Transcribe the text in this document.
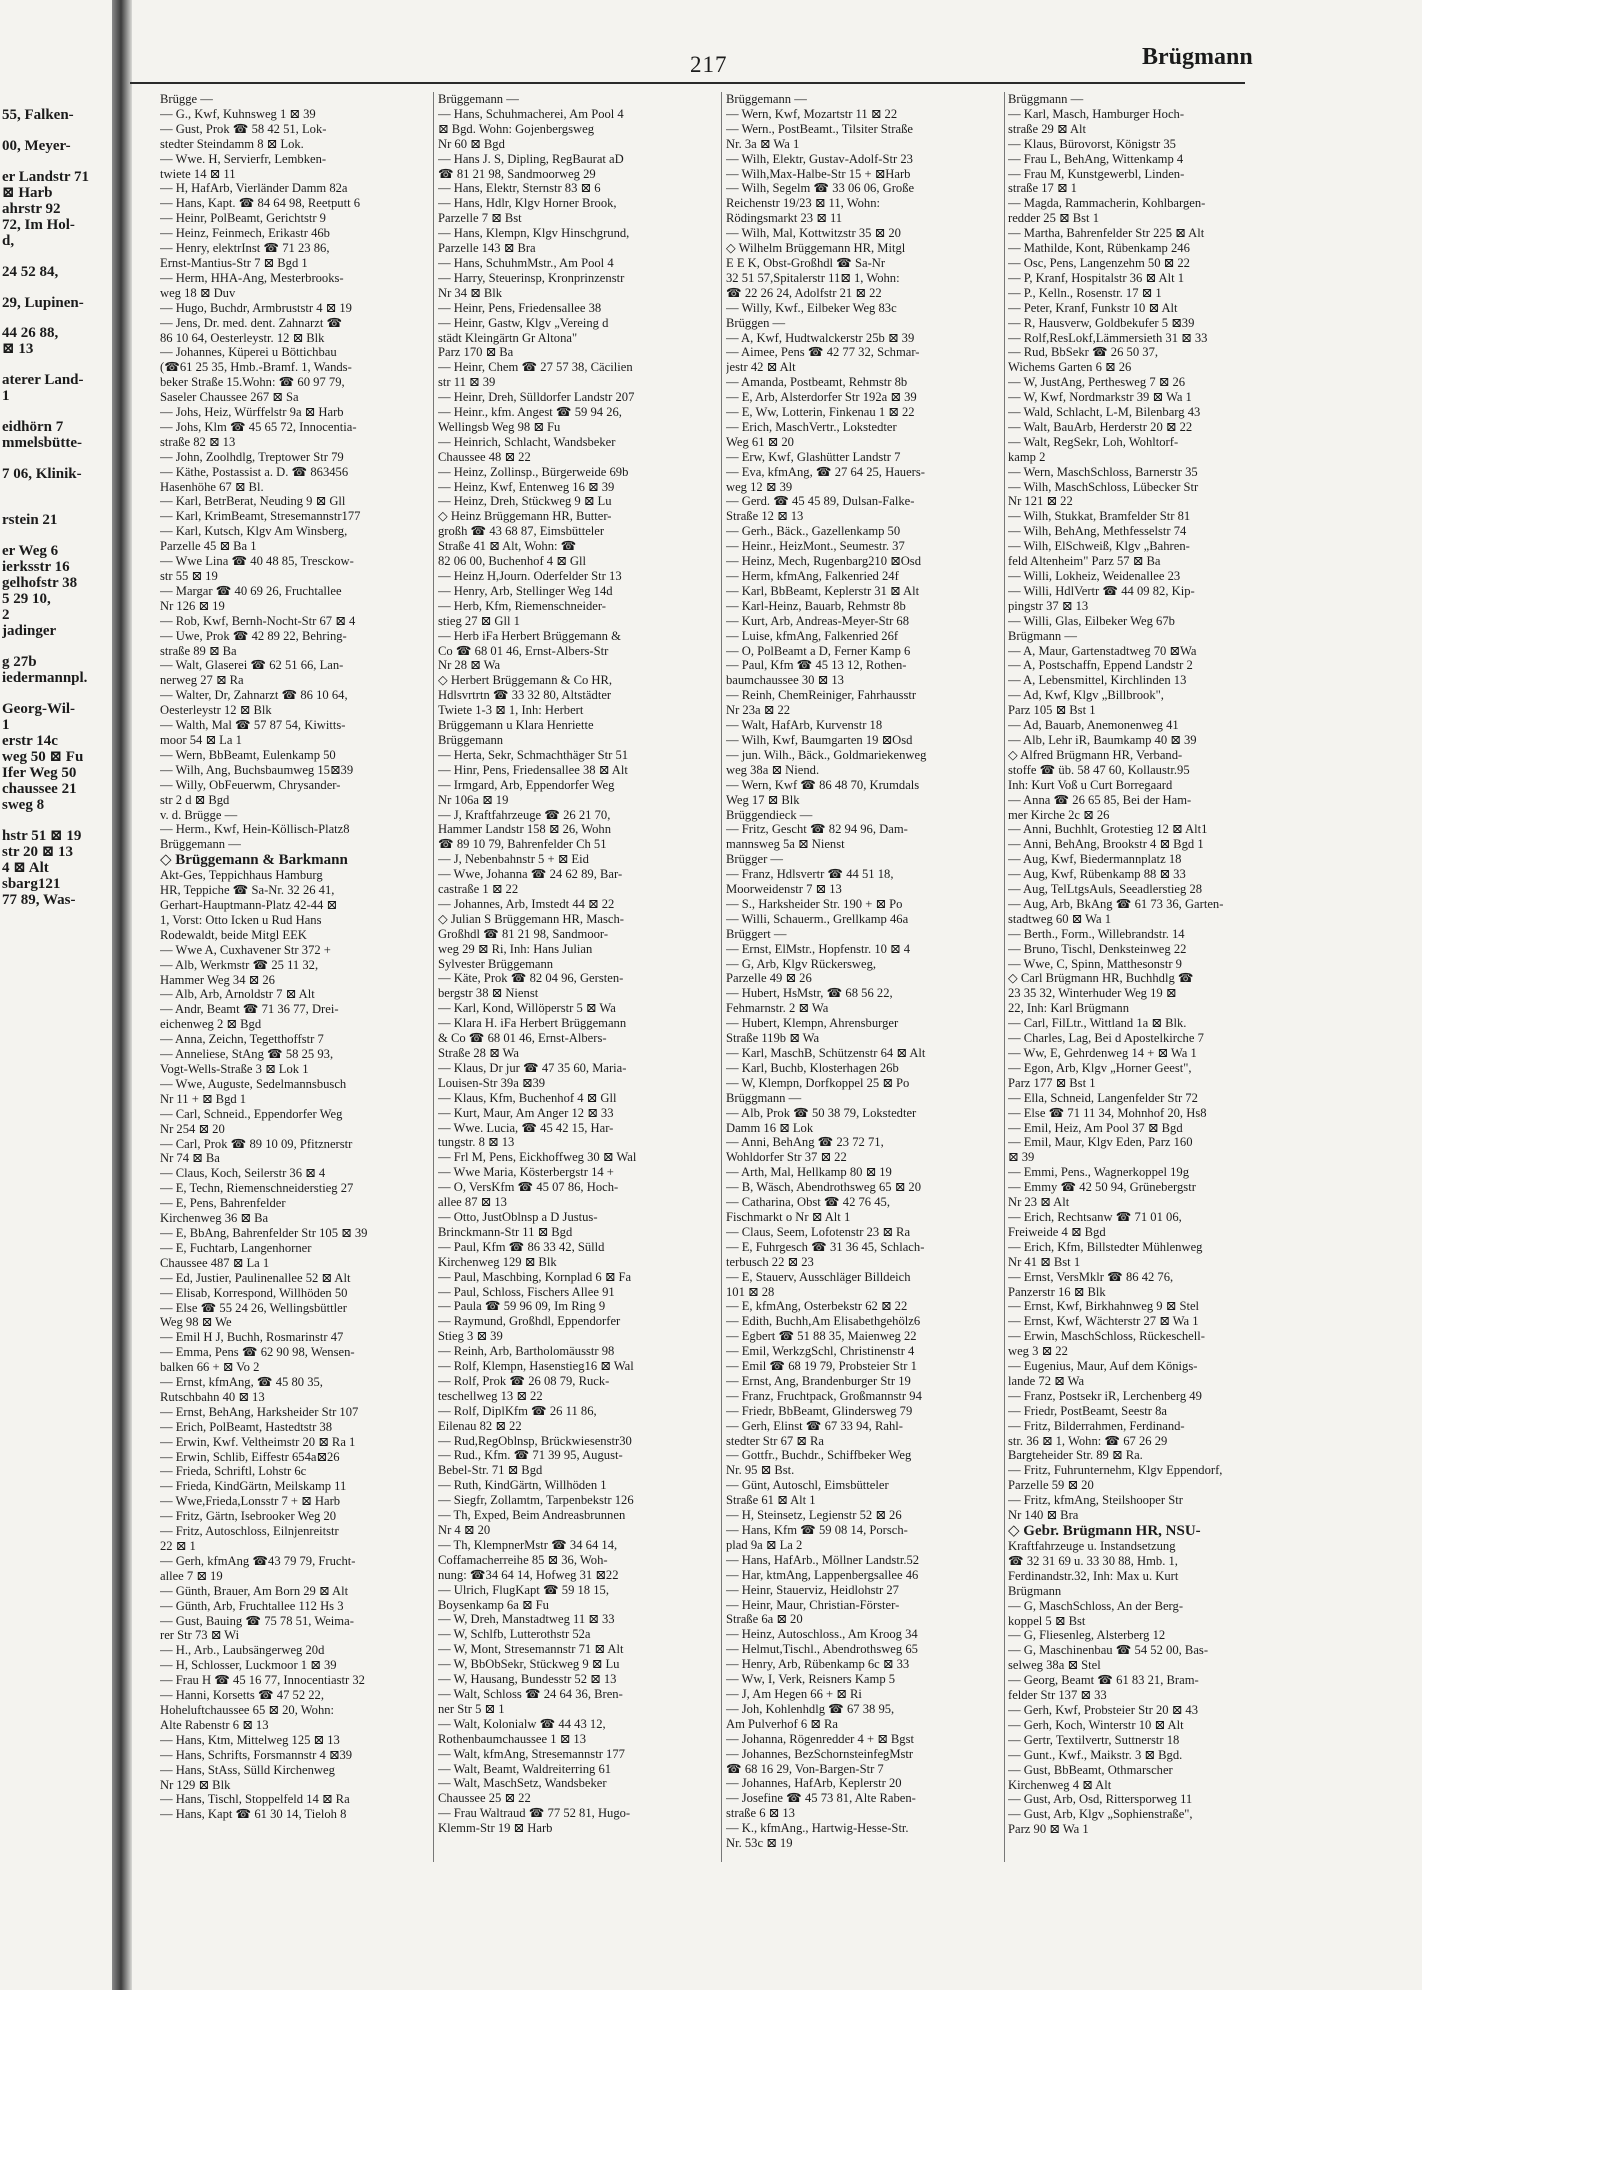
55, Falken-

00, Meyer-

er Landstr 71
⊠ Harb
ahrstr 92
72, Im Hol-
d,

24 52 84,

29, Lupinen-

44 26 88,
⊠ 13

aterer Land-
1

eidhörn 7
mmelsbütte-

7 06, Klinik-

rstein 21

er Weg 6
ierksstr 16
gelhofstr 38
5 29 10,
2
jadinger

g 27b
iedermannpl.

Georg-Wil-
1
erstr 14c
weg 50 ⊠ Fu
Ifer Weg 50
chaussee 21
sweg 8

hstr 51 ⊠ 19
str 20 ⊠ 13
4 ⊠ Alt
sbarg121
77 89, Was-
217	Brügmann
Brügge —
— G., Kwf, Kuhnsweg 1 ⊠ 39
— Gust, Prok ☎ 58 42 51, Lok-
stedter Steindamm 8 ⊠ Lok.
— Wwe. H, Servierfr, Lembken-
twiete 14 ⊠ 11
— H, HafArb, Vierländer Damm 82a
— Hans, Kapt. ☎ 84 64 98, Reetputt 6
— Heinr, PolBeamt, Gerichtstr 9
— Heinz, Feinmech, Erikastr 46b
— Henry, elektrInst ☎ 71 23 86,
Ernst-Mantius-Str 7 ⊠ Bgd 1
— Herm, HHA-Ang, Mesterbrooks-
weg 18 ⊠ Duv
— Hugo, Buchdr, Armbruststr 4 ⊠ 19
— Jens, Dr. med. dent. Zahnarzt ☎
86 10 64, Oesterleystr. 12 ⊠ Blk
— Johannes, Küperei u Böttichbau
(☎61 25 35, Hmb.-Bramf. 1, Wands-
beker Straße 15.Wohn: ☎ 60 97 79,
Saseler Chaussee 267 ⊠ Sa
— Johs, Heiz, Würffelstr 9a ⊠ Harb
— Johs, Klm ☎ 45 65 72, Innocentia-
straße 82 ⊠ 13
— John, Zoolhdlg, Treptower Str 79
— Käthe, Postassist a. D. ☎ 863456
Hasenhöhe 67 ⊠ Bl.
— Karl, BetrBerat, Neuding 9 ⊠ Gll
— Karl, KrimBeamt, Stresemannstr177
— Karl, Kutsch, Klgv Am Winsberg,
Parzelle 45 ⊠ Ba 1
— Wwe Lina ☎ 40 48 85, Tresckow-
str 55 ⊠ 19
— Margar ☎ 40 69 26, Fruchtallee
Nr 126 ⊠ 19
— Rob, Kwf, Bernh-Nocht-Str 67 ⊠ 4
— Uwe, Prok ☎ 42 89 22, Behring-
straße 89 ⊠ Ba
— Walt, Glaserei ☎ 62 51 66, Lan-
nerweg 27 ⊠ Ra
— Walter, Dr, Zahnarzt ☎ 86 10 64,
Oesterleystr 12 ⊠ Blk
— Walth, Mal ☎ 57 87 54, Kiwitts-
moor 54 ⊠ La 1
— Wern, BbBeamt, Eulenkamp 50
— Wilh, Ang, Buchsbaumweg 15⊠39
— Willy, ObFeuerwm, Chrysander-
str 2 d ⊠ Bgd
v. d. Brügge —
— Herm., Kwf, Hein-Köllisch-Platz8
Brüggemann —
◇ Brüggemann & Barkmann
Akt-Ges, Teppichhaus Hamburg
HR, Teppiche ☎ Sa-Nr. 32 26 41,
Gerhart-Hauptmann-Platz 42-44 ⊠
1, Vorst: Otto Icken u Rud Hans
Rodewaldt, beide Mitgl EEK
— Wwe A, Cuxhavener Str 372 +
— Alb, Werkmstr ☎ 25 11 32,
Hammer Weg 34 ⊠ 26
— Alb, Arb, Arnoldstr 7 ⊠ Alt
— Andr, Beamt ☎ 71 36 77, Drei-
eichenweg 2 ⊠ Bgd
— Anna, Zeichn, Tegetthoffstr 7
— Anneliese, StAng ☎ 58 25 93,
Vogt-Wells-Straße 3 ⊠ Lok 1
— Wwe, Auguste, Sedelmannsbusch
Nr 11 + ⊠ Bgd 1
— Carl, Schneid., Eppendorfer Weg
Nr 254 ⊠ 20
— Carl, Prok ☎ 89 10 09, Pfitznerstr
Nr 74 ⊠ Ba
— Claus, Koch, Seilerstr 36 ⊠ 4
— E, Techn, Riemenschneiderstieg 27
— E, Pens, Bahrenfelder
Kirchenweg 36 ⊠ Ba
— E, BbAng, Bahrenfelder Str 105 ⊠ 39
— E, Fuchtarb, Langenhorner
Chaussee 487 ⊠ La 1
— Ed, Justier, Paulinenallee 52 ⊠ Alt
— Elisab, Korrespond, Willhöden 50
— Else ☎ 55 24 26, Wellingsbüttler
Weg 98 ⊠ We
— Emil H J, Buchh, Rosmarinstr 47
— Emma, Pens ☎ 62 90 98, Wensen-
balken 66 + ⊠ Vo 2
— Ernst, kfmAng, ☎ 45 80 35,
Rutschbahn 40 ⊠ 13
— Ernst, BehAng, Harksheider Str 107
— Erich, PolBeamt, Hastedtstr 38
— Erwin, Kwf. Veltheimstr 20 ⊠ Ra 1
— Erwin, Schlib, Eiffestr 654a⊠26
— Frieda, Schriftl, Lohstr 6c
— Frieda, KindGärtn, Meilskamp 11
— Wwe,Frieda,Lonsstr 7 + ⊠ Harb
— Fritz, Gärtn, Isebrooker Weg 20
— Fritz, Autoschloss, Eilnjenreitstr
22 ⊠ 1
— Gerh, kfmAng ☎43 79 79, Frucht-
allee 7 ⊠ 19
— Günth, Brauer, Am Born 29 ⊠ Alt
— Günth, Arb, Fruchtallee 112 Hs 3
— Gust, Bauing ☎ 75 78 51, Weima-
rer Str 73 ⊠ Wi
— H., Arb., Laubsängerweg 20d
— H, Schlosser, Luckmoor 1 ⊠ 39
— Frau H ☎ 45 16 77, Innocentiastr 32
— Hanni, Korsetts ☎ 47 52 22,
Hoheluftchaussee 65 ⊠ 20, Wohn:
Alte Rabenstr 6 ⊠ 13
— Hans, Ktm, Mittelweg 125 ⊠ 13
— Hans, Schrifts, Forsmannstr 4 ⊠39
— Hans, StAss, Sülld Kirchenweg
Nr 129 ⊠ Blk
— Hans, Tischl, Stoppelfeld 14 ⊠ Ra
— Hans, Kapt ☎ 61 30 14, Tieloh 8
Brüggemann —
— Hans, Schuhmacherei, Am Pool 4
⊠ Bgd. Wohn: Gojenbergsweg
Nr 60 ⊠ Bgd
— Hans J. S, Dipling, RegBaurat aD
☎ 81 21 98, Sandmoorweg 29
— Hans, Elektr, Sternstr 83 ⊠ 6
— Hans, Hdlr, Klgv Horner Brook,
Parzelle 7 ⊠ Bst
— Hans, Klempn, Klgv Hinschgrund,
Parzelle 143 ⊠ Bra
— Hans, SchuhmMstr., Am Pool 4
— Harry, Steuerinsp, Kronprinzenstr
Nr 34 ⊠ Blk
— Heinr, Pens, Friedensallee 38
— Heinr, Gastw, Klgv „Vereing d
städt Kleingärtn Gr Altona"
Parz 170 ⊠ Ba
— Heinr, Chem ☎ 27 57 38, Cäcilien
str 11 ⊠ 39
— Heinr, Dreh, Sülldorfer Landstr 207
— Heinr., kfm. Angest ☎ 59 94 26,
Wellingsb Weg 98 ⊠ Fu
— Heinrich, Schlacht, Wandsbeker
Chaussee 48 ⊠ 22
— Heinz, Zollinsp., Bürgerweide 69b
— Heinz, Kwf, Entenweg 16 ⊠ 39
— Heinz, Dreh, Stückweg 9 ⊠ Lu
◇ Heinz Brüggemann HR, Butter-
großh ☎ 43 68 87, Eimsbütteler
Straße 41 ⊠ Alt, Wohn: ☎
82 06 00, Buchenhof 4 ⊠ Gll
— Heinz H,Journ. Oderfelder Str 13
— Henry, Arb, Stellinger Weg 14d
— Herb, Kfm, Riemenschneider-
stieg 27 ⊠ Gll 1
— Herb iFa Herbert Brüggemann &
Co ☎ 68 01 46, Ernst-Albers-Str
Nr 28 ⊠ Wa
◇ Herbert Brüggemann & Co HR,
Hdlsvrtrtn ☎ 33 32 80, Altstädter
Twiete 1-3 ⊠ 1, Inh: Herbert
Brüggemann u Klara Henriette
Brüggemann
— Herta, Sekr, Schmachthäger Str 51
— Hinr, Pens, Friedensallee 38 ⊠ Alt
— Irmgard, Arb, Eppendorfer Weg
Nr 106a ⊠ 19
— J, Kraftfahrzeuge ☎ 26 21 70,
Hammer Landstr 158 ⊠ 26, Wohn
☎ 89 10 79, Bahrenfelder Ch 51
— J, Nebenbahnstr 5 + ⊠ Eid
— Wwe, Johanna ☎ 24 62 89, Bar-
castraße 1 ⊠ 22
— Johannes, Arb, Imstedt 44 ⊠ 22
◇ Julian S Brüggemann HR, Masch-
Großhdl ☎ 81 21 98, Sandmoor-
weg 29 ⊠ Ri, Inh: Hans Julian
Sylvester Brüggemann
— Käte, Prok ☎ 82 04 96, Gersten-
bergstr 38 ⊠ Nienst
— Karl, Kond, Willöperstr 5 ⊠ Wa
— Klara H. iFa Herbert Brüggemann
& Co ☎ 68 01 46, Ernst-Albers-
Straße 28 ⊠ Wa
— Klaus, Dr jur ☎ 47 35 60, Maria-
Louisen-Str 39a ⊠39
— Klaus, Kfm, Buchenhof 4 ⊠ Gll
— Kurt, Maur, Am Anger 12 ⊠ 33
— Wwe. Lucia, ☎ 45 42 15, Har-
tungstr. 8 ⊠ 13
— Frl M, Pens, Eickhoffweg 30 ⊠ Wal
— Wwe Maria, Kösterbergstr 14 +
— O, VersKfm ☎ 45 07 86, Hoch-
allee 87 ⊠ 13
— Otto, JustOblnsp a D Justus-
Brinckmann-Str 11 ⊠ Bgd
— Paul, Kfm ☎ 86 33 42, Sülld
Kirchenweg 129 ⊠ Blk
— Paul, Maschbing, Kornplad 6 ⊠ Fa
— Paul, Schloss, Fischers Allee 91
— Paula ☎ 59 96 09, Im Ring 9
— Raymund, Großhdl, Eppendorfer
Stieg 3 ⊠ 39
— Reinh, Arb, Bartholomäusstr 98
— Rolf, Klempn, Hasenstieg16 ⊠ Wal
— Rolf, Prok ☎ 26 08 79, Ruck-
teschellweg 13 ⊠ 22
— Rolf, DiplKfm ☎ 26 11 86,
Eilenau 82 ⊠ 22
— Rud,RegOblnsp, Brückwiesenstr30
— Rud., Kfm. ☎ 71 39 95, August-
Bebel-Str. 71 ⊠ Bgd
— Ruth, KindGärtn, Willhöden 1
— Siegfr, Zollamtm, Tarpenbekstr 126
— Th, Exped, Beim Andreasbrunnen
Nr 4 ⊠ 20
— Th, KlempnerMstr ☎ 34 64 14,
Coffamacherreihe 85 ⊠ 36, Woh-
nung: ☎34 64 14, Hofweg 31 ⊠22
— Ulrich, FlugKapt ☎ 59 18 15,
Boysenkamp 6a ⊠ Fu
— W, Dreh, Manstadtweg 11 ⊠ 33
— W, Schlfb, Lutterothstr 52a
— W, Mont, Stresemannstr 71 ⊠ Alt
— W, BbObSekr, Stückweg 9 ⊠ Lu
— W, Hausang, Bundesstr 52 ⊠ 13
— Walt, Schloss ☎ 24 64 36, Bren-
ner Str 5 ⊠ 1
— Walt, Kolonialw ☎ 44 43 12,
Rothenbaumchaussee 1 ⊠ 13
— Walt, kfmAng, Stresemannstr 177
— Walt, Beamt, Waldreiterring 61
— Walt, MaschSetz, Wandsbeker
Chaussee 25 ⊠ 22
— Frau Waltraud ☎ 77 52 81, Hugo-
Klemm-Str 19 ⊠ Harb
Brüggemann —
— Wern, Kwf, Mozartstr 11 ⊠ 22
— Wern., PostBeamt., Tilsiter Straße
Nr. 3a ⊠ Wa 1
— Wilh, Elektr, Gustav-Adolf-Str 23
— Wilh,Max-Halbe-Str 15 + ⊠Harb
— Wilh, Segelm ☎ 33 06 06, Große
Reichenstr 19/23 ⊠ 11, Wohn:
Rödingsmarkt 23 ⊠ 11
— Wilh, Mal, Kottwitzstr 35 ⊠ 20
◇ Wilhelm Brüggemann HR, Mitgl
E E K, Obst-Großhdl ☎ Sa-Nr
32 51 57,Spitalerstr 11⊠ 1, Wohn:
☎ 22 26 24, Adolfstr 21 ⊠ 22
— Willy, Kwf., Eilbeker Weg 83c
Brüggen —
— A, Kwf, Hudtwalckerstr 25b ⊠ 39
— Aimee, Pens ☎ 42 77 32, Schmar-
jestr 42 ⊠ Alt
— Amanda, Postbeamt, Rehmstr 8b
— E, Arb, Alsterdorfer Str 192a ⊠ 39
— E, Ww, Lotterin, Finkenau 1 ⊠ 22
— Erich, MaschVertr., Lokstedter
Weg 61 ⊠ 20
— Erw, Kwf, Glashütter Landstr 7
— Eva, kfmAng, ☎ 27 64 25, Hauers-
weg 12 ⊠ 39
— Gerd. ☎ 45 45 89, Dulsan-Falke-
Straße 12 ⊠ 13
— Gerh., Bäck., Gazellenkamp 50
— Heinr., HeizMont., Seumestr. 37
— Heinz, Mech, Rugenbarg210 ⊠Osd
— Herm, kfmAng, Falkenried 24f
— Karl, BbBeamt, Keplerstr 31 ⊠ Alt
— Karl-Heinz, Bauarb, Rehmstr 8b
— Kurt, Arb, Andreas-Meyer-Str 68
— Luise, kfmAng, Falkenried 26f
— O, PolBeamt a D, Ferner Kamp 6
— Paul, Kfm ☎ 45 13 12, Rothen-
baumchaussee 30 ⊠ 13
— Reinh, ChemReiniger, Fahrhausstr
Nr 23a ⊠ 22
— Walt, HafArb, Kurvenstr 18
— Wilh, Kwf, Baumgarten 19 ⊠Osd
— jun. Wilh., Bäck., Goldmariekenweg
weg 38a ⊠ Niend.
— Wern, Kwf ☎ 86 48 70, Krumdals
Weg 17 ⊠ Blk
Brüggendieck —
— Fritz, Gescht ☎ 82 94 96, Dam-
mannsweg 5a ⊠ Nienst
Brügger —
— Franz, Hdlsvertr ☎ 44 51 18,
Moorweidenstr 7 ⊠ 13
— S., Harksheider Str. 190 + ⊠ Po
— Willi, Schauerm., Grellkamp 46a
Brüggert —
— Ernst, ElMstr., Hopfenstr. 10 ⊠ 4
— G, Arb, Klgv Rückersweg,
Parzelle 49 ⊠ 26
— Hubert, HsMstr, ☎ 68 56 22,
Fehmarnstr. 2 ⊠ Wa
— Hubert, Klempn, Ahrensburger
Straße 119b ⊠ Wa
— Karl, MaschB, Schützenstr 64 ⊠ Alt
— Karl, Buchb, Klosterhagen 26b
— W, Klempn, Dorfkoppel 25 ⊠ Po
Brüggmann —
— Alb, Prok ☎ 50 38 79, Lokstedter
Damm 16 ⊠ Lok
— Anni, BehAng ☎ 23 72 71,
Wohldorfer Str 37 ⊠ 22
— Arth, Mal, Hellkamp 80 ⊠ 19
— B, Wäsch, Abendrothsweg 65 ⊠ 20
— Catharina, Obst ☎ 42 76 45,
Fischmarkt o Nr ⊠ Alt 1
— Claus, Seem, Lofotenstr 23 ⊠ Ra
— E, Fuhrgesch ☎ 31 36 45, Schlach-
terbusch 22 ⊠ 23
— E, Stauerv, Ausschläger Billdeich
101 ⊠ 28
— E, kfmAng, Osterbekstr 62 ⊠ 22
— Edith, Buchh,Am Elisabethgehölz6
— Egbert ☎ 51 88 35, Maienweg 22
— Emil, WerkzgSchl, Christinenstr 4
— Emil ☎ 68 19 79, Probsteier Str 1
— Ernst, Ang, Brandenburger Str 19
— Franz, Fruchtpack, Großmannstr 94
— Friedr, BbBeamt, Glindersweg 79
— Gerh, Elinst ☎ 67 33 94, Rahl-
stedter Str 67 ⊠ Ra
— Gottfr., Buchdr., Schiffbeker Weg
Nr. 95 ⊠ Bst.
— Günt, Autoschl, Eimsbütteler
Straße 61 ⊠ Alt 1
— H, Steinsetz, Legienstr 52 ⊠ 26
— Hans, Kfm ☎ 59 08 14, Porsch-
plad 9a ⊠ La 2
— Hans, HafArb., Möllner Landstr.52
— Har, ktmAng, Lappenbergsallee 46
— Heinr, Stauerviz, Heidlohstr 27
— Heinr, Maur, Christian-Förster-
Straße 6a ⊠ 20
— Heinz, Autoschloss., Am Kroog 34
— Helmut,Tischl., Abendrothsweg 65
— Henry, Arb, Rübenkamp 6c ⊠ 33
— Ww, I, Verk, Reisners Kamp 5
— J, Am Hegen 66 + ⊠ Ri
— Joh, Kohlenhdlg ☎ 67 38 95,
Am Pulverhof 6 ⊠ Ra
— Johanna, Rögenredder 4 + ⊠ Bgst
— Johannes, BezSchornsteinfegMstr
☎ 68 16 29, Von-Bargen-Str 7
— Johannes, HafArb, Keplerstr 20
— Josefine ☎ 45 73 81, Alte Raben-
straße 6 ⊠ 13
— K., kfmAng., Hartwig-Hesse-Str.
Nr. 53c ⊠ 19
Brüggmann —
— Karl, Masch, Hamburger Hoch-
straße 29 ⊠ Alt
— Klaus, Bürovorst, Königstr 35
— Frau L, BehAng, Wittenkamp 4
— Frau M, Kunstgewerbl, Linden-
straße 17 ⊠ 1
— Magda, Rammacherin, Kohlbargen-
redder 25 ⊠ Bst 1
— Martha, Bahrenfelder Str 225 ⊠ Alt
— Mathilde, Kont, Rübenkamp 246
— Osc, Pens, Langenzehm 50 ⊠ 22
— P, Kranf, Hospitalstr 36 ⊠ Alt 1
— P., Kelln., Rosenstr. 17 ⊠ 1
— Peter, Kranf, Funkstr 10 ⊠ Alt
— R, Hausverw, Goldbekufer 5 ⊠39
— Rolf,ResLokf,Lämmersieth 31 ⊠ 33
— Rud, BbSekr ☎ 26 50 37,
Wichems Garten 6 ⊠ 26
— W, JustAng, Perthesweg 7 ⊠ 26
— W, Kwf, Nordmarkstr 39 ⊠ Wa 1
— Wald, Schlacht, L-M, Bilenbarg 43
— Walt, BauArb, Herderstr 20 ⊠ 22
— Walt, RegSekr, Loh, Wohltorf-
kamp 2
— Wern, MaschSchloss, Barnerstr 35
— Wilh, MaschSchloss, Lübecker Str
Nr 121 ⊠ 22
— Wilh, Stukkat, Bramfelder Str 81
— Wilh, BehAng, Methfesselstr 74
— Wilh, ElSchweiß, Klgv „Bahren-
feld Altenheim" Parz 57 ⊠ Ba
— Willi, Lokheiz, Weidenallee 23
— Willi, HdlVertr ☎ 44 09 82, Kip-
pingstr 37 ⊠ 13
— Willi, Glas, Eilbeker Weg 67b
Brügmann —
— A, Maur, Gartenstadtweg 70 ⊠Wa
— A, Postschaffn, Eppend Landstr 2
— A, Lebensmittel, Kirchlinden 13
— Ad, Kwf, Klgv „Billbrook",
Parz 105 ⊠ Bst 1
— Ad, Bauarb, Anemonenweg 41
— Alb, Lehr iR, Baumkamp 40 ⊠ 39
◇ Alfred Brügmann HR, Verband-
stoffe ☎ üb. 58 47 60, Kollaustr.95
Inh: Kurt Voß u Curt Borregaard
— Anna ☎ 26 65 85, Bei der Ham-
mer Kirche 2c ⊠ 26
— Anni, Buchhlt, Grotestieg 12 ⊠ Alt1
— Anni, BehAng, Brookstr 4 ⊠ Bgd 1
— Aug, Kwf, Biedermannplatz 18
— Aug, Kwf, Rübenkamp 88 ⊠ 33
— Aug, TelLtgsAuls, Seeadlerstieg 28
— Aug, Arb, BkAng ☎ 61 73 36, Garten-
stadtweg 60 ⊠ Wa 1
— Berth., Form., Willebrandstr. 14
— Bruno, Tischl, Denksteinweg 22
— Wwe, C, Spinn, Matthesonstr 9
◇ Carl Brügmann HR, Buchhdlg ☎
23 35 32, Winterhuder Weg 19 ⊠
22, Inh: Karl Brügmann
— Carl, FilLtr., Wittland 1a ⊠ Blk.
— Charles, Lag, Bei d Apostelkirche 7
— Ww, E, Gehrdenweg 14 + ⊠ Wa 1
— Egon, Arb, Klgv „Horner Geest",
Parz 177 ⊠ Bst 1
— Ella, Schneid, Langenfelder Str 72
— Else ☎ 71 11 34, Mohnhof 20, Hs8
— Emil, Heiz, Am Pool 37 ⊠ Bgd
— Emil, Maur, Klgv Eden, Parz 160
⊠ 39
— Emmi, Pens., Wagnerkoppel 19g
— Emmy ☎ 42 50 94, Grünebergstr
Nr 23 ⊠ Alt
— Erich, Rechtsanw ☎ 71 01 06,
Freiweide 4 ⊠ Bgd
— Erich, Kfm, Billstedter Mühlenweg
Nr 41 ⊠ Bst 1
— Ernst, VersMklr ☎ 86 42 76,
Panzerstr 16 ⊠ Blk
— Ernst, Kwf, Birkhahnweg 9 ⊠ Stel
— Ernst, Kwf, Wächterstr 27 ⊠ Wa 1
— Erwin, MaschSchloss, Rückeschell-
weg 3 ⊠ 22
— Eugenius, Maur, Auf dem Königs-
lande 72 ⊠ Wa
— Franz, Postsekr iR, Lerchenberg 49
— Friedr, PostBeamt, Seestr 8a
— Fritz, Bilderrahmen, Ferdinand-
str. 36 ⊠ 1, Wohn: ☎ 67 26 29
Bargteheider Str. 89 ⊠ Ra.
— Fritz, Fuhrunternehm, Klgv Eppendorf,
Parzelle 59 ⊠ 20
— Fritz, kfmAng, Steilshooper Str
Nr 140 ⊠ Bra
◇ Gebr. Brügmann HR, NSU-
Kraftfahrzeuge u. Instandsetzung
☎ 32 31 69 u. 33 30 88, Hmb. 1,
Ferdinandstr.32, Inh: Max u. Kurt
Brügmann
— G, MaschSchloss, An der Berg-
koppel 5 ⊠ Bst
— G, Fliesenleg, Alsterberg 12
— G, Maschinenbau ☎ 54 52 00, Bas-
selweg 38a ⊠ Stel
— Georg, Beamt ☎ 61 83 21, Bram-
felder Str 137 ⊠ 33
— Gerh, Kwf, Probsteier Str 20 ⊠ 43
— Gerh, Koch, Winterstr 10 ⊠ Alt
— Gertr, Textilvertr, Suttnerstr 18
— Gunt., Kwf., Maikstr. 3 ⊠ Bgd.
— Gust, BbBeamt, Othmarscher
Kirchenweg 4 ⊠ Alt
— Gust, Arb, Osd, Rittersporweg 11
— Gust, Arb, Klgv „Sophienstraße",
Parz 90 ⊠ Wa 1
